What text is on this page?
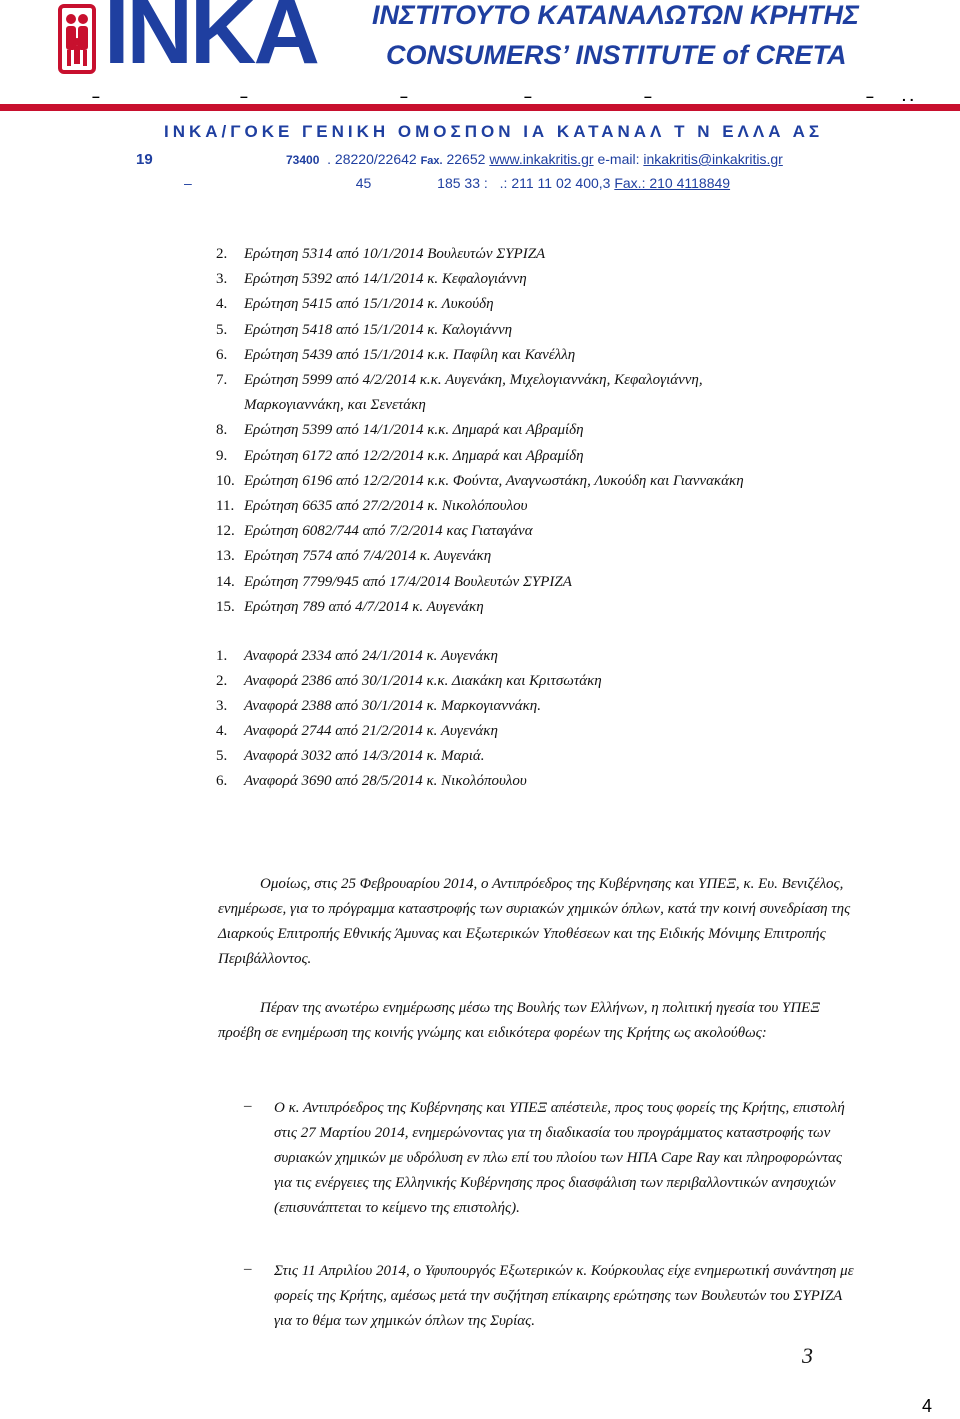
INKA ΙΝΣΤΙΤΟΥΤΟ ΚΑΤΑΝΑΛΩΤΩΝ ΚΡΗΤΗΣ
CONSUMERS’ INSTITUTE of CRETA
–	–	–	–	–	– . .
ΙΝΚΑ/ΓΟΚΕ ΓΕΝΙΚΗ ΟΜΟΣΠΟΝ ΙΑ ΚΑΤΑΝΑΛ Τ Ν ΕΛΛΑ ΑΣ
19	73400 . 28220/22642 Fax. 22652 www.inkakritis.gr e-mail: inkakritis@inkakritis.gr
–	45	185 33 : .: 211 11 02 400,3 Fax.: 210 4118849
2. Ερώτηση 5314 από 10/1/2014 Βουλευτών ΣΥΡΙΖΑ
3. Ερώτηση 5392 από 14/1/2014 κ. Κεφαλογιάννη
4. Ερώτηση 5415 από 15/1/2014 κ. Λυκούδη
5. Ερώτηση 5418 από 15/1/2014 κ. Καλογιάννη
6. Ερώτηση 5439 από 15/1/2014 κ.κ. Παφίλη και Κανέλλη
7. Ερώτηση 5999 από 4/2/2014 κ.κ. Αυγενάκη, Μιχελογιαννάκη, Κεφαλογιάννη,
Μαρκογιαννάκη, και Σενετάκη
8. Ερώτηση 5399 από 14/1/2014 κ.κ. Δημαρά και Αβραμίδη
9. Ερώτηση 6172 από 12/2/2014 κ.κ. Δημαρά και Αβραμίδη
10. Ερώτηση 6196 από 12/2/2014 κ.κ. Φούντα, Αναγνωστάκη, Λυκούδη και Γιαννακάκη
11. Ερώτηση 6635 από 27/2/2014 κ. Νικολόπουλου
12. Ερώτηση 6082/744 από 7/2/2014 κας Γιαταγάνα
13. Ερώτηση 7574 από 7/4/2014 κ. Αυγενάκη
14. Ερώτηση 7799/945 από 17/4/2014 Βουλευτών ΣΥΡΙΖΑ
15. Ερώτηση 789 από 4/7/2014 κ. Αυγενάκη
1. Αναφορά 2334 από 24/1/2014 κ. Αυγενάκη
2. Αναφορά 2386 από 30/1/2014 κ.κ. Διακάκη και Κριτσωτάκη
3. Αναφορά 2388 από 30/1/2014 κ. Μαρκογιαννάκη.
4. Αναφορά 2744 από 21/2/2014 κ. Αυγενάκη
5. Αναφορά 3032 από 14/3/2014 κ. Μαριά.
6. Αναφορά 3690 από 28/5/2014 κ. Νικολόπουλου
Ομοίως, στις 25 Φεβρουαρίου 2014, ο Αντιπρόεδρος της Κυβέρνησης και ΥΠΕΞ, κ. Ευ. Βενιζέλος, ενημέρωσε, για το πρόγραμμα καταστροφής των συριακών χημικών όπλων, κατά την κοινή συνεδρίαση της Διαρκούς Επιτροπής Εθνικής Άμυνας και Εξωτερικών Υποθέσεων και της Ειδικής Μόνιμης Επιτροπής Περιβάλλοντος.
Πέραν της ανωτέρω ενημέρωσης μέσω της Βουλής των Ελλήνων, η πολιτική ηγεσία του ΥΠΕΞ προέβη σε ενημέρωση της κοινής γνώμης και ειδικότερα φορέων της Κρήτης ως ακολούθως:
– Ο κ. Αντιπρόεδρος της Κυβέρνησης και ΥΠΕΞ απέστειλε, προς τους φορείς της Κρήτης, επιστολή στις 27 Μαρτίου 2014, ενημερώνοντας για τη διαδικασία του προγράμματος καταστροφής των συριακών χημικών με υδρόλυση εν πλω επί του πλοίου των ΗΠΑ Cape Ray και πληροφορώντας για τις ενέργειες της Ελληνικής Κυβέρνησης προς διασφάλιση των περιβαλλοντικών ανησυχιών (επισυνάπτεται το κείμενο της επιστολής).
– Στις 11 Απριλίου 2014, ο Υφυπουργός Εξωτερικών κ. Κούρκουλας είχε ενημερωτική συνάντηση με φορείς της Κρήτης, αμέσως μετά την συζήτηση επίκαιρης ερώτησης των Βουλευτών του ΣΥΡΙΖΑ για το θέμα των χημικών όπλων της Συρίας.
3
4
